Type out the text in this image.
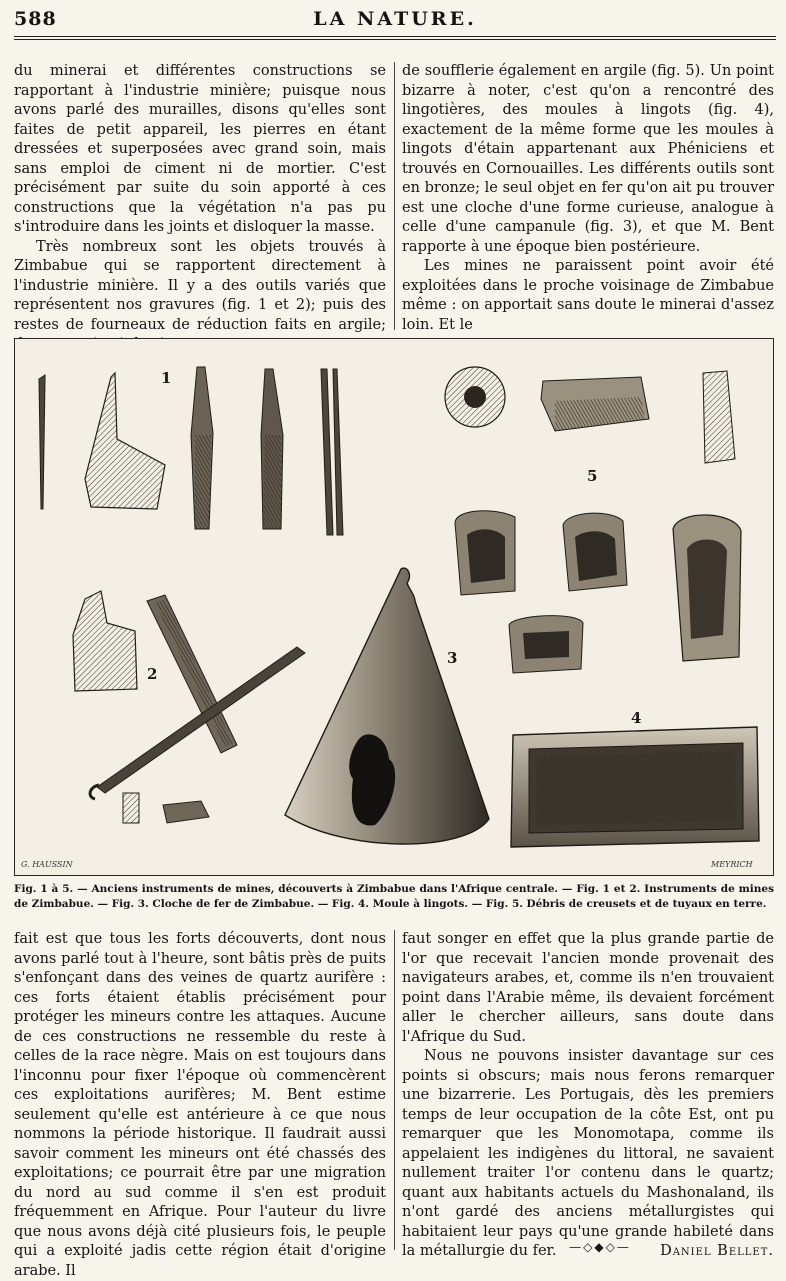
588	LA NATURE.

du minerai et différentes constructions se rapportant à l'industrie minière; puisque nous avons parlé des murailles, disons qu'elles sont faites de petit appareil, les pierres en étant dressées et superposées avec grand soin, mais sans emploi de ciment ni de mortier. C'est précisément par suite du soin apporté à ces constructions que la végétation n'a pas pu s'introduire dans les joints et disloquer la masse.

Très nombreux sont les objets trouvés à Zimbabue qui se rapportent directement à l'industrie minière. Il y a des outils variés que représentent nos gravures (fig. 1 et 2); puis des restes de fourneaux de réduction faits en argile;

de soufflerie également en argile (fig. 5). Un point bizarre à noter, c'est qu'on a rencontré des lingotières, des moules à lingots (fig. 4), exactement de la même forme que les moules à lingots d'étain appartenant aux Phéniciens et trouvés en Cornouailles. Les différents outils sont en bronze; le seul objet en fer qu'on ait pu trouver est une cloche d'une forme curieuse, analogue à celle d'une campanule (fig. 3), et que M. Bent rapporte à une époque bien postérieure.

Les mines ne paraissent point avoir été exploitées dans le proche voisinage de Zimbabue même : on apportait sans doute le minerai d'assez loin. Et le

1
2
3
4
5
G. HAUSSIN	MEYRICH
Fig. 1 à 5. — Anciens instruments de mines, découverts à Zimbabue dans l'Afrique centrale. — Fig. 1 et 2. Instruments de mines de Zimbabue. — Fig. 3. Cloche de fer de Zimbabue. — Fig. 4. Moule à lingots. — Fig. 5. Débris de creusets et de tuyaux en terre.

fait est que tous les forts découverts, dont nous avons parlé tout à l'heure, sont bâtis près de puits s'enfonçant dans des veines de quartz aurifère : ces forts étaient établis précisément pour protéger les mineurs contre les attaques. Aucune de ces constructions ne ressemble du reste à celles de la race nègre. Mais on est toujours dans l'inconnu pour fixer l'époque où commencèrent ces exploitations aurifères; M. Bent estime seulement qu'elle est antérieure à ce que nous nommons la période historique. Il faudrait aussi savoir comment les mineurs ont été chassés des exploitations; ce pourrait être par une migration du nord au sud comme il s'en est produit fréquemment en Afrique. Pour l'auteur du livre que nous avons déjà cité plusieurs fois, le peuple qui a exploité jadis cette région était d'origine arabe. Il

faut songer en effet que la plus grande partie de l'or que recevait l'ancien monde provenait des navigateurs arabes, et, comme ils n'en trouvaient point dans l'Arabie même, ils devaient forcément aller le chercher ailleurs, sans doute dans l'Afrique du Sud.

Nous ne pouvons insister davantage sur ces points si obscurs; mais nous ferons remarquer une bizarrerie. Les Portugais, dès les premiers temps de leur occupation de la côte Est, ont pu remarquer que les Monomotapa, comme ils appelaient les indigènes du littoral, ne savaient nullement traiter l'or contenu dans le quartz; quant aux habitants actuels du Mashonaland, ils n'ont gardé des anciens métallurgistes qui habitaient leur pays qu'une grande habileté dans la métallurgie du fer.	Daniel Bellet.

—◇◆◇—
